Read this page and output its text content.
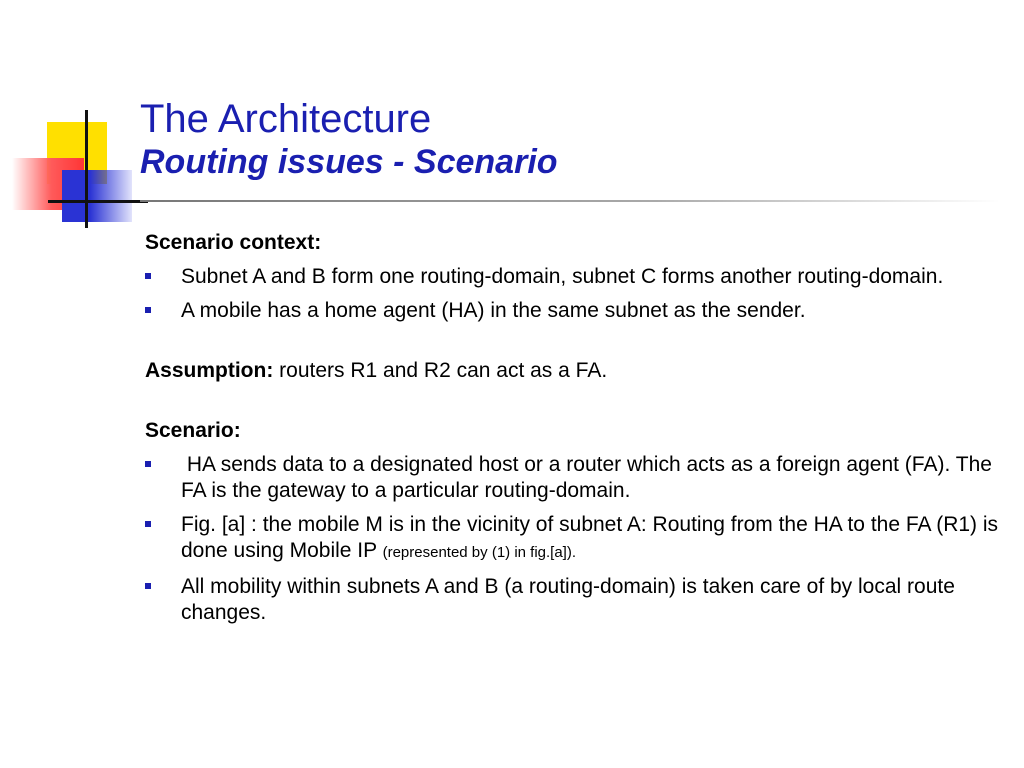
The Architecture
Routing issues - Scenario
Scenario context:
Subnet A and B form one routing-domain, subnet C forms another routing-domain.
A mobile has a home agent (HA) in the same subnet as the sender.
Assumption: routers R1 and R2 can act as a FA.
Scenario:
HA sends data to a designated host or a router which acts as a foreign agent (FA). The FA is the gateway to a particular routing-domain.
Fig. [a] : the mobile M is in the vicinity of subnet A: Routing from the HA to the FA (R1) is done using Mobile IP (represented by (1) in fig.[a]).
All mobility within subnets A and B (a routing-domain) is taken care of by local route changes.
